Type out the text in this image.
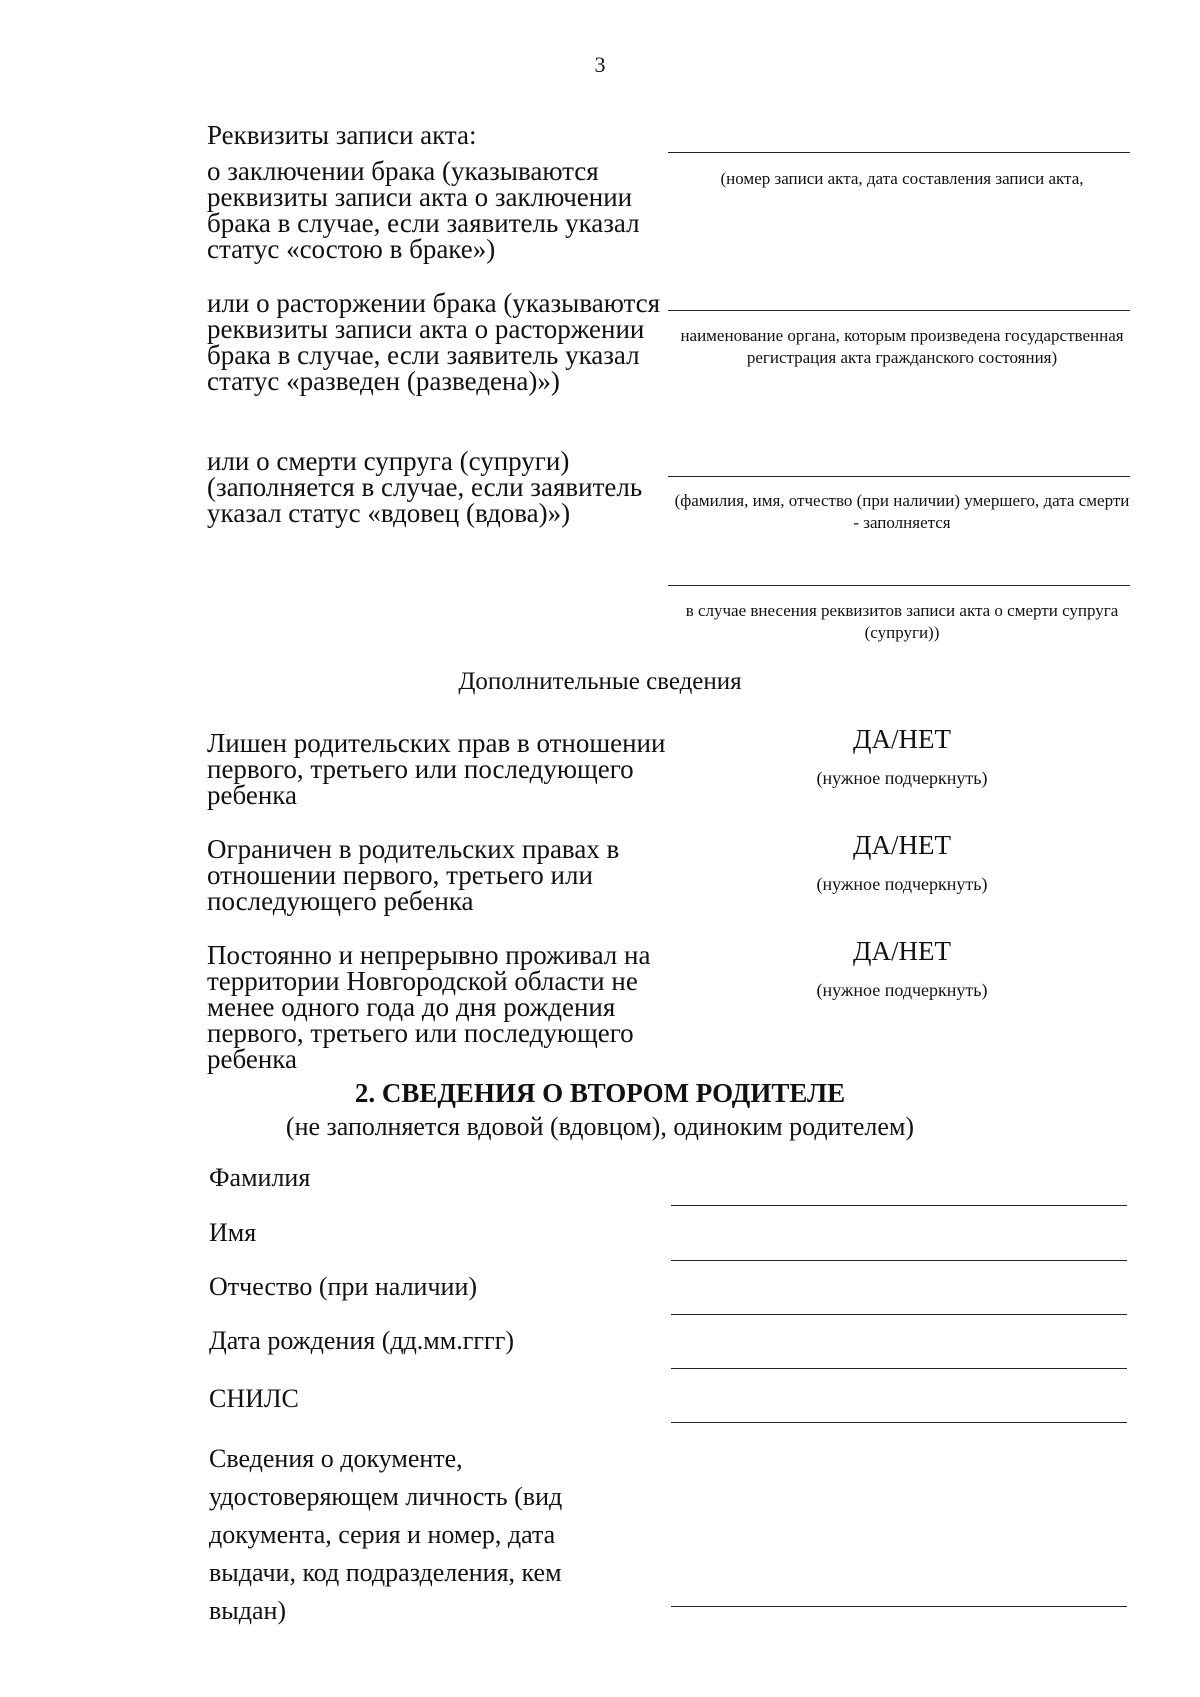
3
Реквизиты записи акта:
о заключении брака (указываются реквизиты записи акта о заключении брака в случае, если заявитель указал статус «состою в браке»)
или о расторжении брака (указываются реквизиты записи акта о расторжении брака в случае, если заявитель указал статус «разведен (разведена)»)
или о смерти супруга (супруги) (заполняется в случае, если заявитель указал статус «вдовец (вдова)»)
(номер записи акта, дата составления записи акта,
наименование органа, которым произведена государственная регистрация акта гражданского состояния)
(фамилия, имя, отчество (при наличии) умершего, дата смерти - заполняется
в случае внесения реквизитов записи акта о смерти супруга (супруги))
Дополнительные сведения
Лишен родительских прав в отношении первого, третьего или последующего ребенка
ДА/НЕТ
(нужное подчеркнуть)
Ограничен в родительских правах в отношении первого, третьего или последующего ребенка
ДА/НЕТ
(нужное подчеркнуть)
Постоянно и непрерывно проживал на территории Новгородской области не менее одного года до дня рождения первого, третьего или последующего ребенка
ДА/НЕТ
(нужное подчеркнуть)
2. СВЕДЕНИЯ О ВТОРОМ РОДИТЕЛЕ
(не заполняется вдовой (вдовцом), одиноким родителем)
Фамилия
Имя
Отчество (при наличии)
Дата рождения (дд.мм.гггг)
СНИЛС
Сведения о документе, удостоверяющем личность (вид документа, серия и номер, дата выдачи, код подразделения, кем выдан)
